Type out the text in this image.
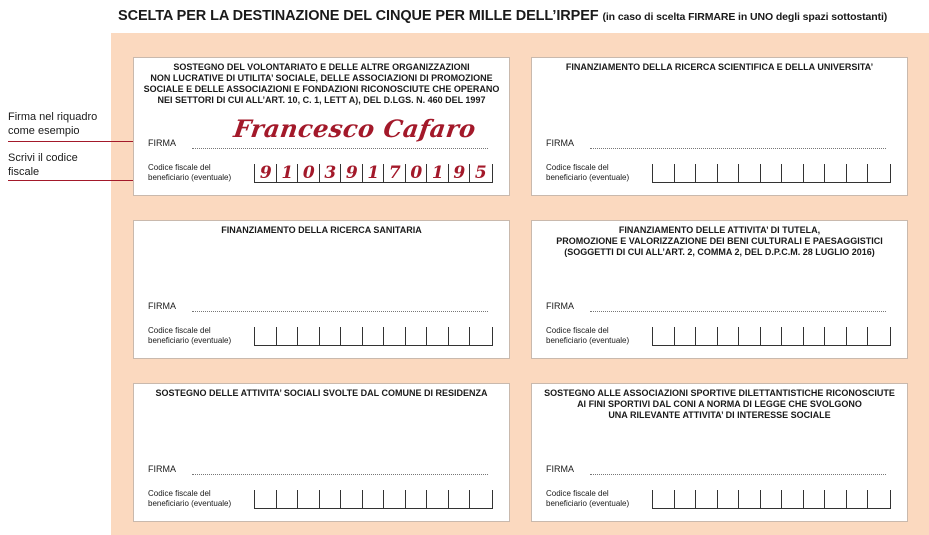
SCELTA PER LA DESTINAZIONE DEL CINQUE PER MILLE DELL’IRPEF (in caso di scelta FIRMARE in UNO degli spazi sottostanti)
Firma nel riquadro
come esempio
Scrivi il codice
fiscale
SOSTEGNO DEL VOLONTARIATO E DELLE ALTRE ORGANIZZAZIONI
NON LUCRATIVE DI UTILITA’ SOCIALE, DELLE ASSOCIAZIONI DI PROMOZIONE
SOCIALE E DELLE ASSOCIAZIONI E FONDAZIONI RICONOSCIUTE CHE OPERANO
NEI SETTORI DI CUI ALL’ART. 10, C. 1, LETT A), DEL D.LGS. N. 460 DEL 1997
FIRMA Francesco Cafaro
Codice fiscale del
beneficiario (eventuale)	9 1 0 3 9 1 7 0 1 9 5
FINANZIAMENTO DELLA RICERCA SCIENTIFICA E DELLA UNIVERSITA’
FIRMA
Codice fiscale del
beneficiario (eventuale)
FINANZIAMENTO DELLA RICERCA SANITARIA
FIRMA
Codice fiscale del
beneficiario (eventuale)
FINANZIAMENTO DELLE ATTIVITA’ DI TUTELA,
PROMOZIONE E VALORIZZAZIONE DEI BENI CULTURALI E PAESAGGISTICI
(SOGGETTI DI CUI ALL’ART. 2, COMMA 2, DEL D.P.C.M. 28 LUGLIO 2016)
FIRMA
Codice fiscale del
beneficiario (eventuale)
SOSTEGNO DELLE ATTIVITA’ SOCIALI SVOLTE DAL COMUNE DI RESIDENZA
FIRMA
Codice fiscale del
beneficiario (eventuale)
SOSTEGNO ALLE ASSOCIAZIONI SPORTIVE DILETTANTISTICHE RICONOSCIUTE
AI FINI SPORTIVI DAL CONI A NORMA DI LEGGE CHE SVOLGONO
UNA RILEVANTE ATTIVITA’ DI INTERESSE SOCIALE
FIRMA
Codice fiscale del
beneficiario (eventuale)
